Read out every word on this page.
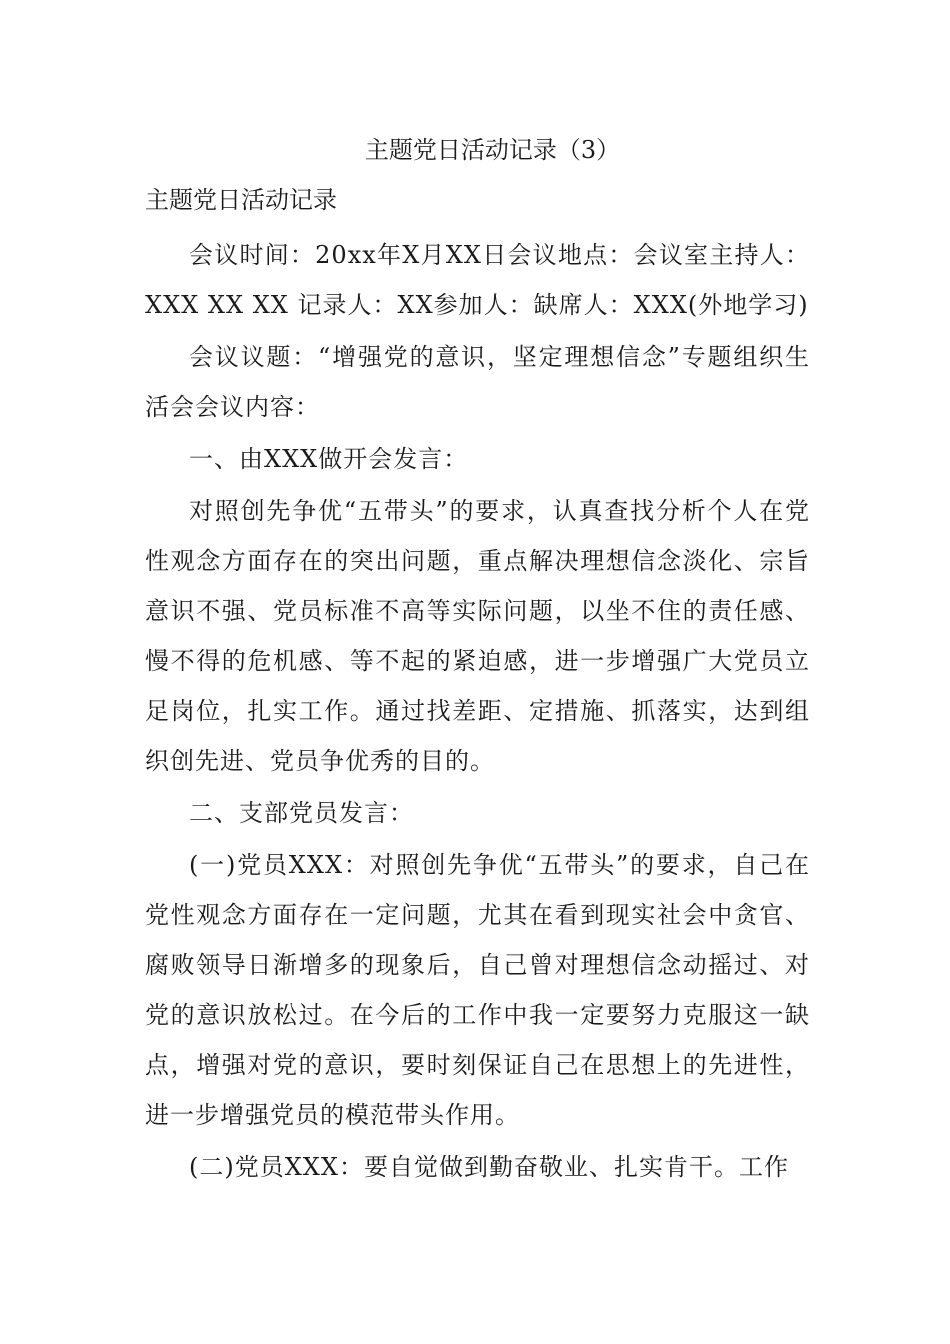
主题党日活动记录（3）
主题党日活动记录

会议时间：20xx年X月XX日会议地点：会议室主持人：XXX XX XX 记录人：XX参加人：缺席人：XXX(外地学习)

会议议题：“增强党的意识，坚定理想信念”专题组织生活会会议内容：

一、由XXX做开会发言：

对照创先争优“五带头”的要求，认真查找分析个人在党性观念方面存在的突出问题，重点解决理想信念淡化、宗旨意识不强、党员标准不高等实际问题，以坐不住的责任感、慢不得的危机感、等不起的紧迫感，进一步增强广大党员立足岗位，扎实工作。通过找差距、定措施、抓落实，达到组织创先进、党员争优秀的目的。

二、支部党员发言：

(一)党员XXX：对照创先争优“五带头”的要求，自己在党性观念方面存在一定问题，尤其在看到现实社会中贪官、腐败领导日渐增多的现象后，自己曾对理想信念动摇过、对党的意识放松过。在今后的工作中我一定要努力克服这一缺点，增强对党的意识，要时刻保证自己在思想上的先进性，进一步增强党员的模范带头作用。

(二)党员XXX：要自觉做到勤奋敬业、扎实肯干。工作
